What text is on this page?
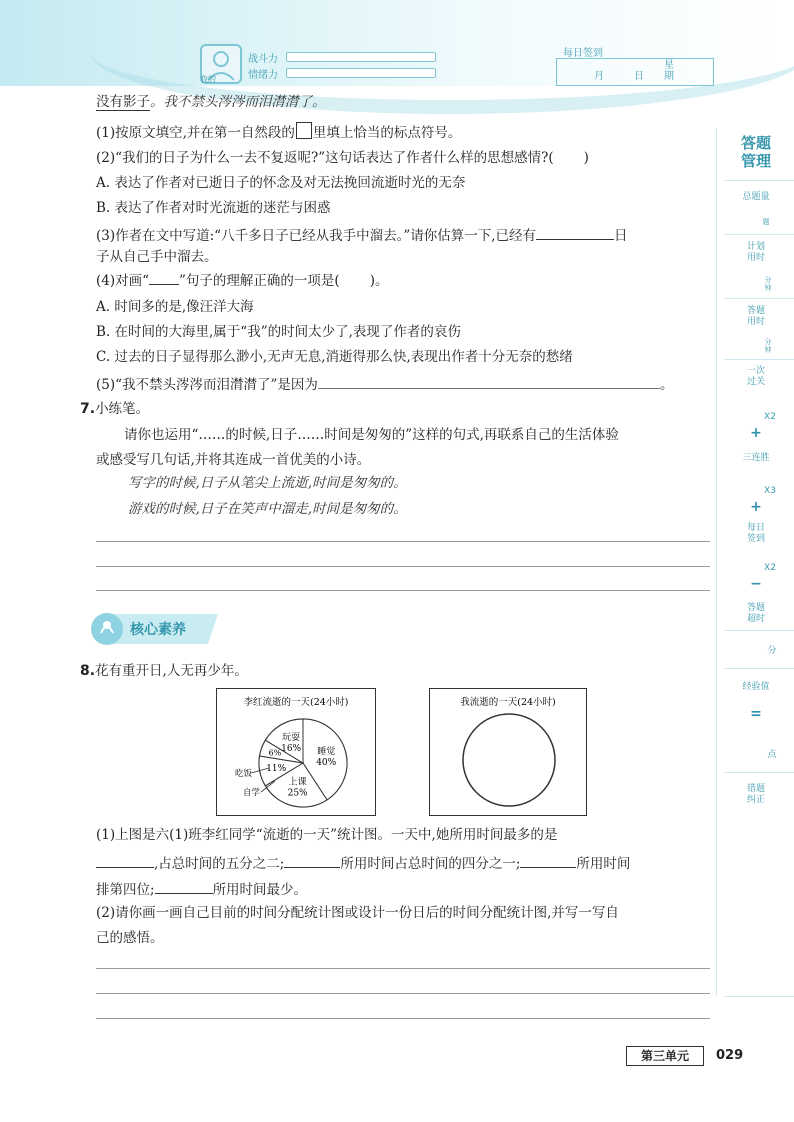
我的
战斗力
情绪力
每日签到
月	日
星期
没有影子。我不禁头涔涔而泪潸潸了。
(1)按原文填空,并在第一自然段的 里填上恰当的标点符号。
(2)“我们的日子为什么一去不复返呢?”这句话表达了作者什么样的思想感情?( )
A. 表达了作者对已逝日子的怀念及对无法挽回流逝时光的无奈
B. 表达了作者对时光流逝的迷茫与困惑
(3)作者在文中写道:“八千多日子已经从我手中溜去。”请你估算一下,已经有	日
子从自己手中溜去。
(4)对画“ ”句子的理解正确的一项是( )。
A. 时间多的是,像汪洋大海
B. 在时间的大海里,属于“我”的时间太少了,表现了作者的哀伤
C. 过去的日子显得那么渺小,无声无息,消逝得那么快,表现出作者十分无奈的愁绪
(5)“我不禁头涔涔而泪潸潸了”是因为	。
7.小练笔。
请你也运用“……的时候,日子……时间是匆匆的”这样的句式,再联系自己的生活体验
或感受写几句话,并将其连成一首优美的小诗。
写字的时候,日子从笔尖上流逝,时间是匆匆的。
游戏的时候,日子在笑声中溜走,时间是匆匆的。
核心素养
8.花有重开日,人无再少年。
李红流逝的一天(24小时)
睡觉 40%
上课 25%
11%
6%
玩耍 16%
吃饭
自学
我流逝的一天(24小时)
(1)上图是六(1)班李红同学“流逝的一天”统计图。一天中,她所用时间最多的是
,占总时间的五分之二;	所用时间占总时间的四分之一;	所用时间
排第四位;	所用时间最少。
(2)请你画一画自己目前的时间分配统计图或设计一份日后的时间分配统计图,并写一写自
己的感悟。
答题
管理
总题量
题
计划
用时
分
钟
答题
用时
分
钟
一次
过关
X2
+
三连胜
X3
+
每日
签到
X2
−
答题
超时
分
经验值
=
点
错题
纠正
第三单元	029
